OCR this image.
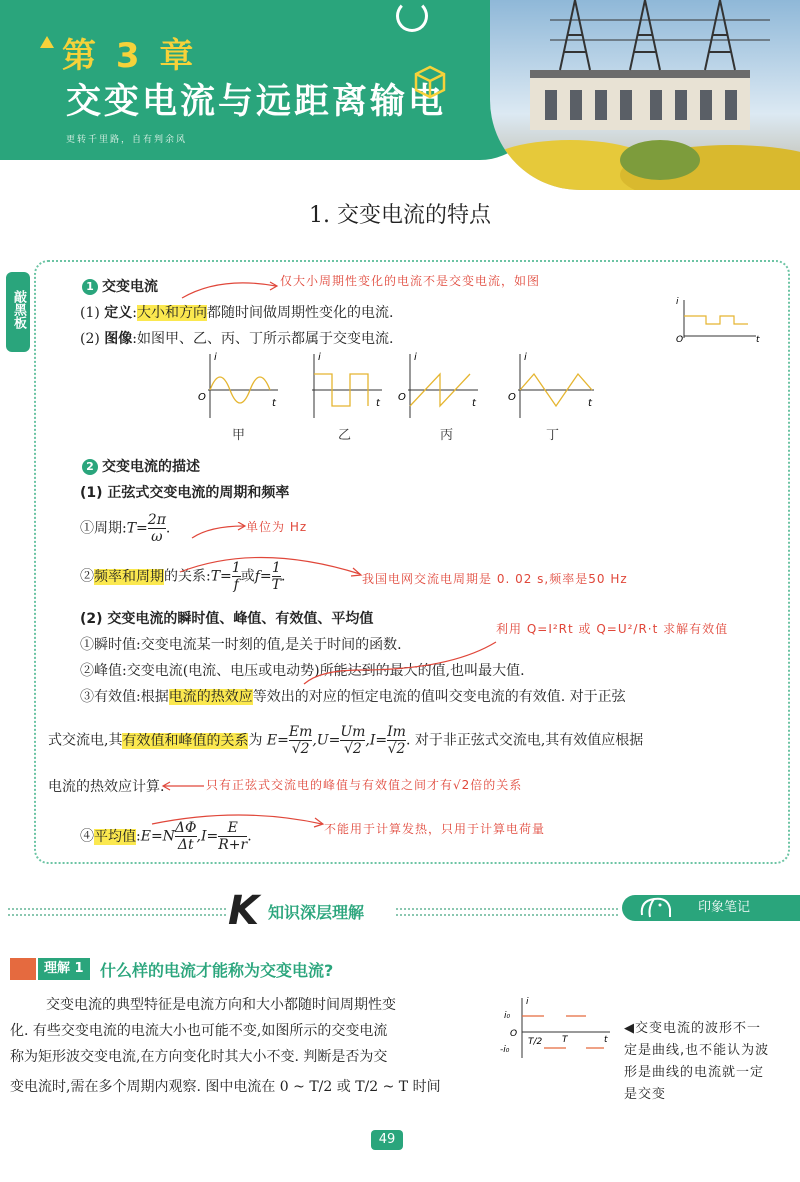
第 3 章
交变电流与远距离输电
更转千里路，自有判余风
1. 交变电流的特点
敲黑板
1 交变电流	仅大小周期性变化的电流不是交变电流，如图
(1) 定义:大小和方向都随时间做周期性变化的电流.
(2) 图像:如图甲、乙、丙、丁所示都属于交变电流.	O
i
t
O
i
t
i
t
O
i
t
O
i
t
甲	乙	丙	丁
2 交变电流的描述
(1) 正弦式交变电流的周期和频率
①周期:T= $\frac{2\pi}{\omega}$ .	单位为 Hz
②频率和周期的关系:T= $\frac{1}{f}$ 或$f= \frac{1}{T}$ .	我国电网交流电周期是 0. 02 s,频率是50 Hz
(2) 交变电流的瞬时值、峰值、有效值、平均值
①瞬时值:交变电流某一时刻的值,是关于时间的函数.
利用 Q=I²Rt 或 Q=U²/R·t 求解有效值
②峰值:交变电流(电流、电压或电动势)所能达到的最大的值,也叫最大值.
③有效值:根据电流的热效应等效出的对应的恒定电流的值叫交变电流的有效值. 对于正弦
式交流电,其有效值和峰值的关系为 $E= \frac{Em}{√2} ,U= \frac{Um}{√2} ,I= \frac{Im}{√2}$ . 对于非正弦式交流电,其有效值应根据
电流的热效应计算.	只有正弦式交流电的峰值与有效值之间才有√2倍的关系
④平均值:E=N $\frac{\Delta\Phi}{\Delta t} ,I= \frac{E}{R+r}$ .	不能用于计算发热，只用于计算电荷量
K 知识深层理解	印象笔记
理解 1	什么样的电流才能称为交变电流?
交变电流的典型特征是电流方向和大小都随时间周期性变
化. 有些交变电流的电流大小也可能不变,如图所示的交变电流
称为矩形波交变电流,在方向变化时其大小不变. 判断是否为交
变电流时,需在多个周期内观察. 图中电流在 0 ~ T/2 或 T/2 ~ T 时间
i
i₀
O
-i₀
T/2 T	t
◀交变电流的波形不一定是曲线,也不能认为波形是曲线的电流就一定是交变
49
